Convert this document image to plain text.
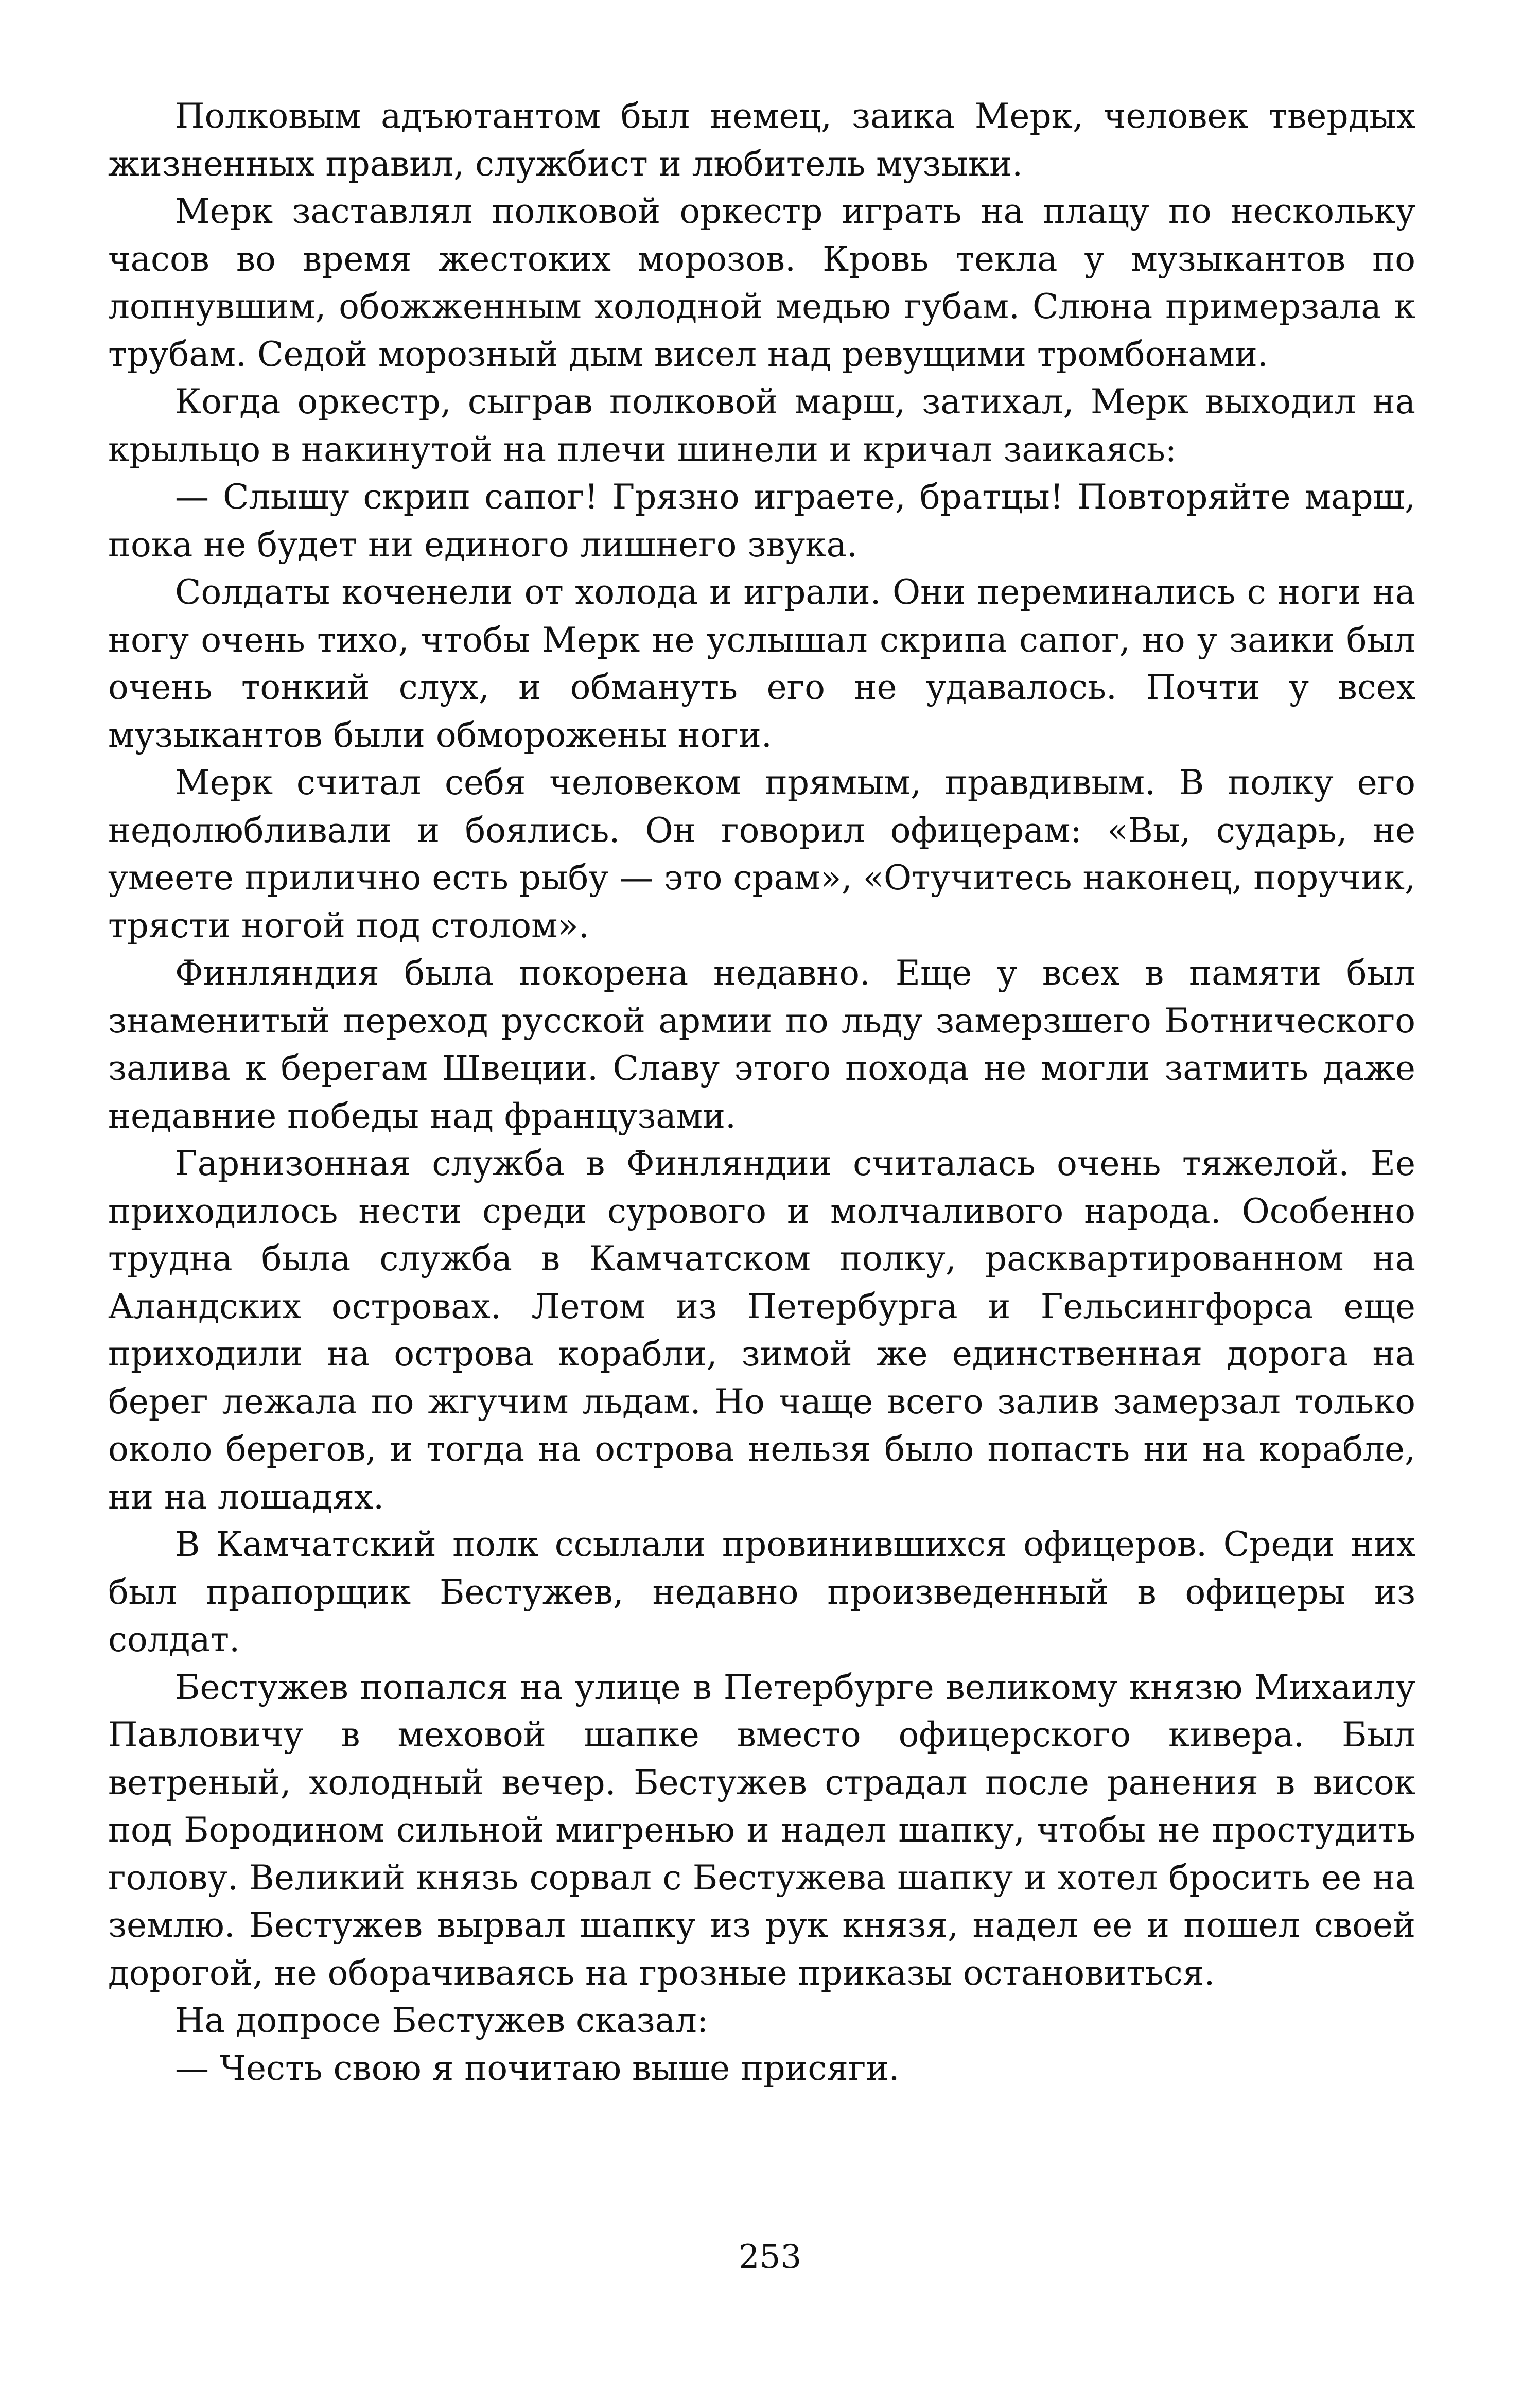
Полковым адъютантом был немец, заика Мерк, человек твердых жизненных правил, службист и любитель музыки.

Мерк заставлял полковой оркестр играть на плацу по нескольку часов во время жестоких морозов. Кровь текла у музыкантов по лопнувшим, обожженным холодной медью губам. Слюна примерзала к трубам. Седой морозный дым висел над ревущими тромбонами.

Когда оркестр, сыграв полковой марш, затихал, Мерк выходил на крыльцо в накинутой на плечи шинели и кричал заикаясь:

— Слышу скрип сапог! Грязно играете, братцы! Повторяйте марш, пока не будет ни единого лишнего звука.

Солдаты коченели от холода и играли. Они переминались с ноги на ногу очень тихо, чтобы Мерк не услышал скрипа сапог, но у заики был очень тонкий слух, и обмануть его не удавалось. Почти у всех музыкантов были обморожены ноги.

Мерк считал себя человеком прямым, правдивым. В полку его недолюбливали и боялись. Он говорил офицерам: «Вы, сударь, не умеете прилично есть рыбу — это срам», «Отучитесь наконец, поручик, трясти ногой под столом».

Финляндия была покорена недавно. Еще у всех в памяти был знаменитый переход русской армии по льду замерзшего Ботнического залива к берегам Швеции. Славу этого похода не могли затмить даже недавние победы над французами.

Гарнизонная служба в Финляндии считалась очень тяжелой. Ее приходилось нести среди сурового и молчаливого народа. Особенно трудна была служба в Камчатском полку, расквартированном на Аландских островах. Летом из Петербурга и Гельсингфорса еще приходили на острова корабли, зимой же единственная дорога на берег лежала по жгучим льдам. Но чаще всего залив замерзал только около берегов, и тогда на острова нельзя было попасть ни на корабле, ни на лошадях.

В Камчатский полк ссылали провинившихся офицеров. Среди них был прапорщик Бестужев, недавно произведенный в офицеры из солдат.

Бестужев попался на улице в Петербурге великому князю Михаилу Павловичу в меховой шапке вместо офицерского кивера. Был ветреный, холодный вечер. Бестужев страдал после ранения в висок под Бородином сильной мигренью и надел шапку, чтобы не простудить голову. Великий князь сорвал с Бестужева шапку и хотел бросить ее на землю. Бестужев вырвал шапку из рук князя, надел ее и пошел своей дорогой, не оборачиваясь на грозные приказы остановиться.

На допросе Бестужев сказал:

— Честь свою я почитаю выше присяги.

253
